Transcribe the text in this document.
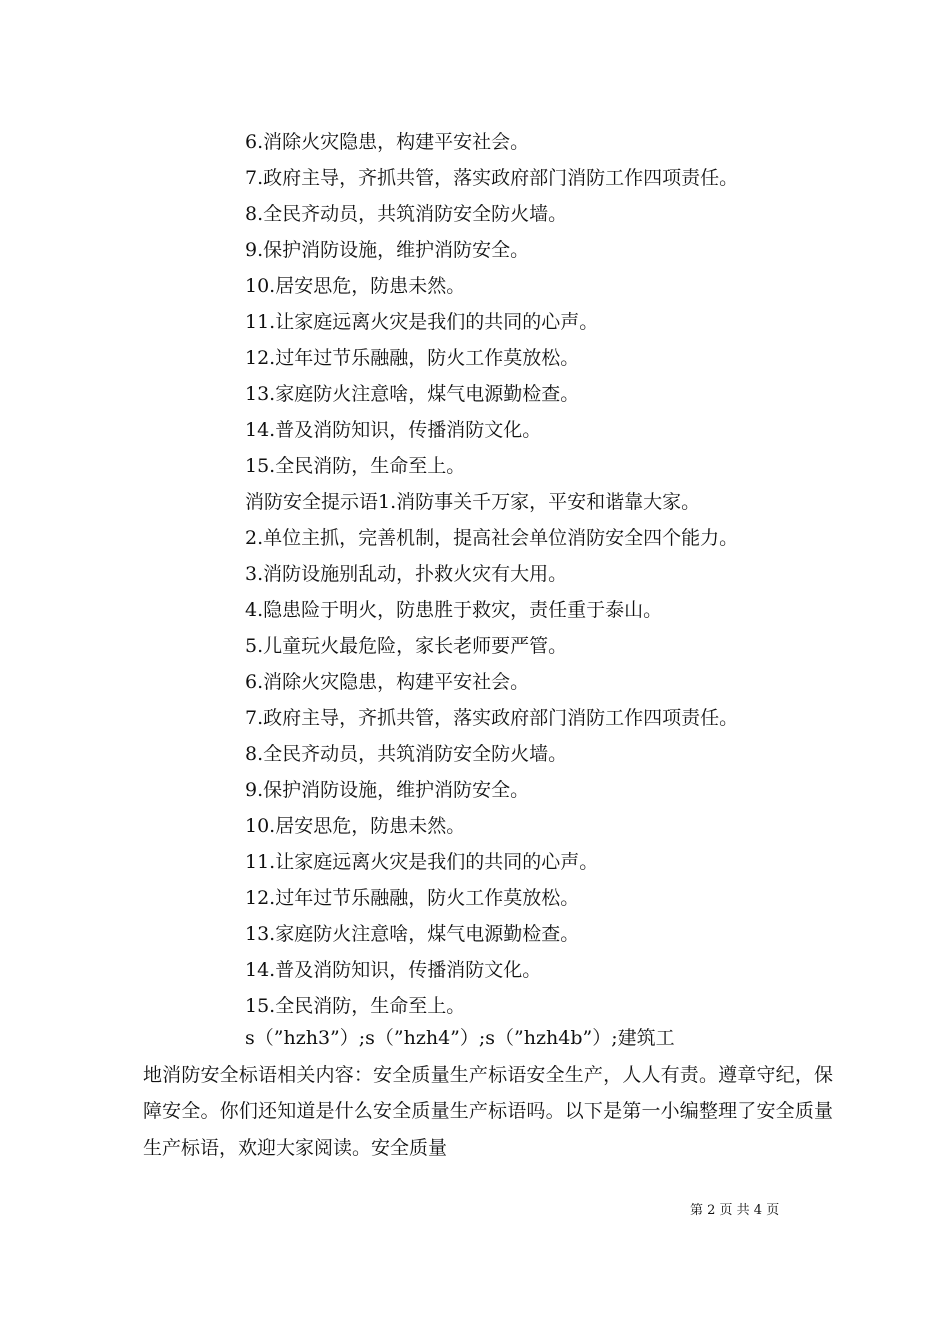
6.消除火灾隐患，构建平安社会。
7.政府主导，齐抓共管，落实政府部门消防工作四项责任。
8.全民齐动员，共筑消防安全防火墙。
9.保护消防设施，维护消防安全。
10.居安思危，防患未然。
11.让家庭远离火灾是我们的共同的心声。
12.过年过节乐融融，防火工作莫放松。
13.家庭防火注意啥，煤气电源勤检查。
14.普及消防知识，传播消防文化。
15.全民消防，生命至上。
消防安全提示语1.消防事关千万家，平安和谐靠大家。
2.单位主抓，完善机制，提高社会单位消防安全四个能力。
3.消防设施别乱动，扑救火灾有大用。
4.隐患险于明火，防患胜于救灾，责任重于泰山。
5.儿童玩火最危险，家长老师要严管。
6.消除火灾隐患，构建平安社会。
7.政府主导，齐抓共管，落实政府部门消防工作四项责任。
8.全民齐动员，共筑消防安全防火墙。
9.保护消防设施，维护消防安全。
10.居安思危，防患未然。
11.让家庭远离火灾是我们的共同的心声。
12.过年过节乐融融，防火工作莫放松。
13.家庭防火注意啥，煤气电源勤检查。
14.普及消防知识，传播消防文化。
15.全民消防，生命至上。
s（”hzh3”）;s（”hzh4”）;s（”hzh4b”）;建筑工
地消防安全标语相关内容：安全质量生产标语安全生产，人人有责。遵章守纪，保障安全。你们还知道是什么安全质量生产标语吗。以下是第一小编整理了安全质量生产标语，欢迎大家阅读。安全质量
第 2 页 共 4 页
